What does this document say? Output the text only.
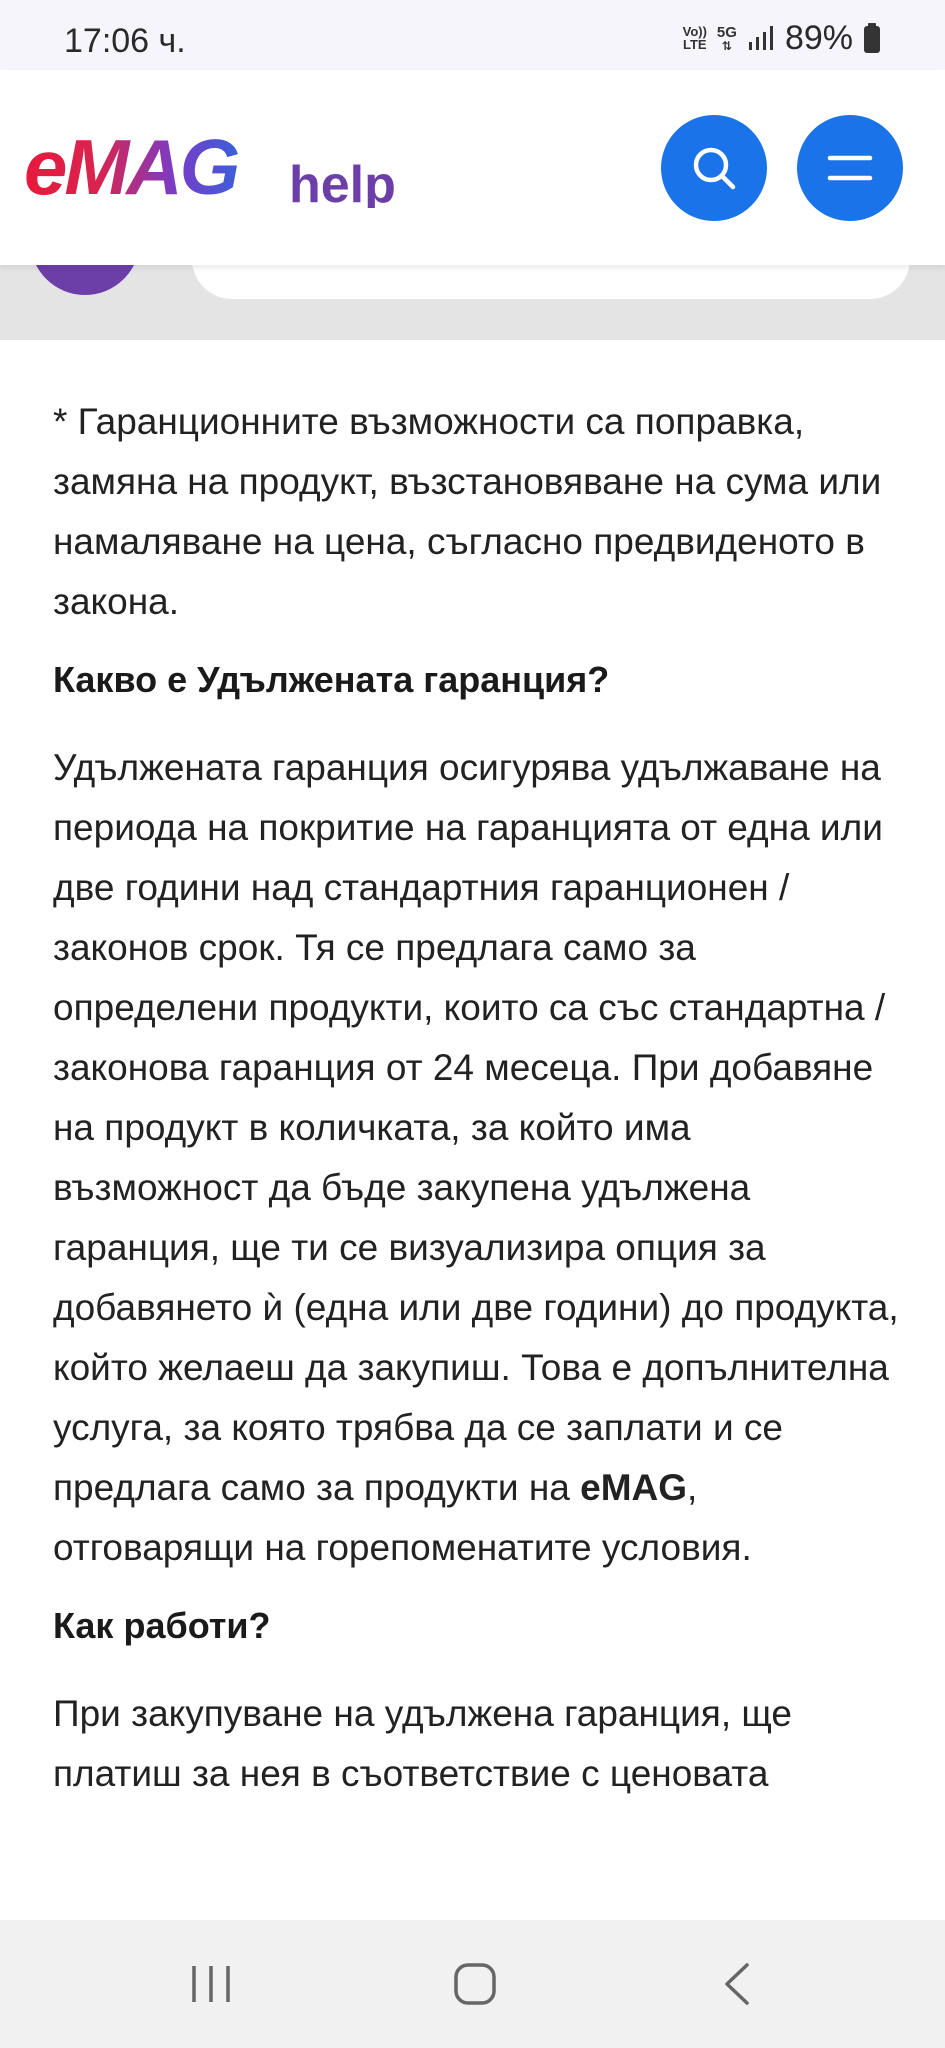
17:06 ч.	Vo))
LTE
5G
⇅ 89%
eMAG help

* Гаранционните възможности са поправка, замяна на продукт, възстановяване на сума или намаляване на цена, съгласно предвиденото в закона.

Какво е Удължената гаранция?

Удължената гаранция осигурява удължаване на периода на покритие на гаранцията от една или две години над стандартния гаранционен / законов срок. Тя се предлага само за определени продукти, които са със стандартна / законова гаранция от 24 месеца. При добавяне на продукт в количката, за който има възможност да бъде закупена удължена гаранция, ще ти се визуализира опция за добавянето ѝ (една или две години) до продукта, който желаеш да закупиш. Това е допълнителна услуга, за която трябва да се заплати и се предлага само за продукти на eMAG, отговарящи на горепоменатите условия.

Как работи?

При закупуване на удължена гаранция, ще платиш за нея в съответствие с ценовата
